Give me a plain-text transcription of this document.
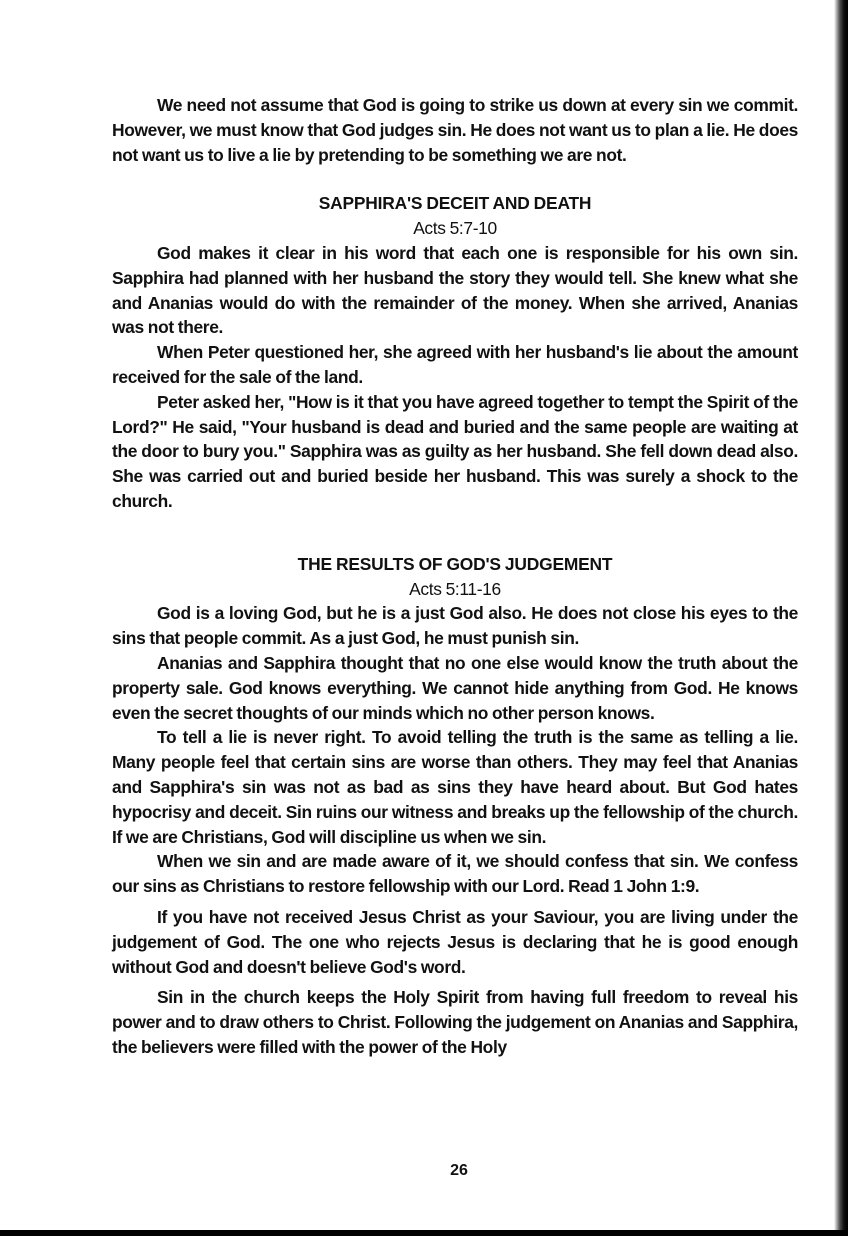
We need not assume that God is going to strike us down at every sin we commit. However, we must know that God judges sin. He does not want us to plan a lie. He does not want us to live a lie by pretending to be something we are not.

SAPPHIRA'S DECEIT AND DEATH
Acts 5:7-10

God makes it clear in his word that each one is responsible for his own sin. Sapphira had planned with her husband the story they would tell. She knew what she and Ananias would do with the remainder of the money. When she arrived, Ananias was not there.

When Peter questioned her, she agreed with her husband's lie about the amount received for the sale of the land.

Peter asked her, "How is it that you have agreed together to tempt the Spirit of the Lord?" He said, "Your husband is dead and buried and the same people are waiting at the door to bury you." Sapphira was as guilty as her husband. She fell down dead also. She was carried out and buried beside her husband. This was surely a shock to the church.

THE RESULTS OF GOD'S JUDGEMENT
Acts 5:11-16

God is a loving God, but he is a just God also. He does not close his eyes to the sins that people commit. As a just God, he must punish sin.

Ananias and Sapphira thought that no one else would know the truth about the property sale. God knows everything. We cannot hide anything from God. He knows even the secret thoughts of our minds which no other person knows.

To tell a lie is never right. To avoid telling the truth is the same as telling a lie. Many people feel that certain sins are worse than others. They may feel that Ananias and Sapphira's sin was not as bad as sins they have heard about. But God hates hypocrisy and deceit. Sin ruins our witness and breaks up the fellowship of the church. If we are Christians, God will discipline us when we sin.

When we sin and are made aware of it, we should confess that sin. We confess our sins as Christians to restore fellowship with our Lord. Read 1 John 1:9.

If you have not received Jesus Christ as your Saviour, you are living under the judgement of God. The one who rejects Jesus is declaring that he is good enough without God and doesn't believe God's word.

Sin in the church keeps the Holy Spirit from having full freedom to reveal his power and to draw others to Christ. Following the judgement on Ananias and Sapphira, the believers were filled with the power of the Holy

26
